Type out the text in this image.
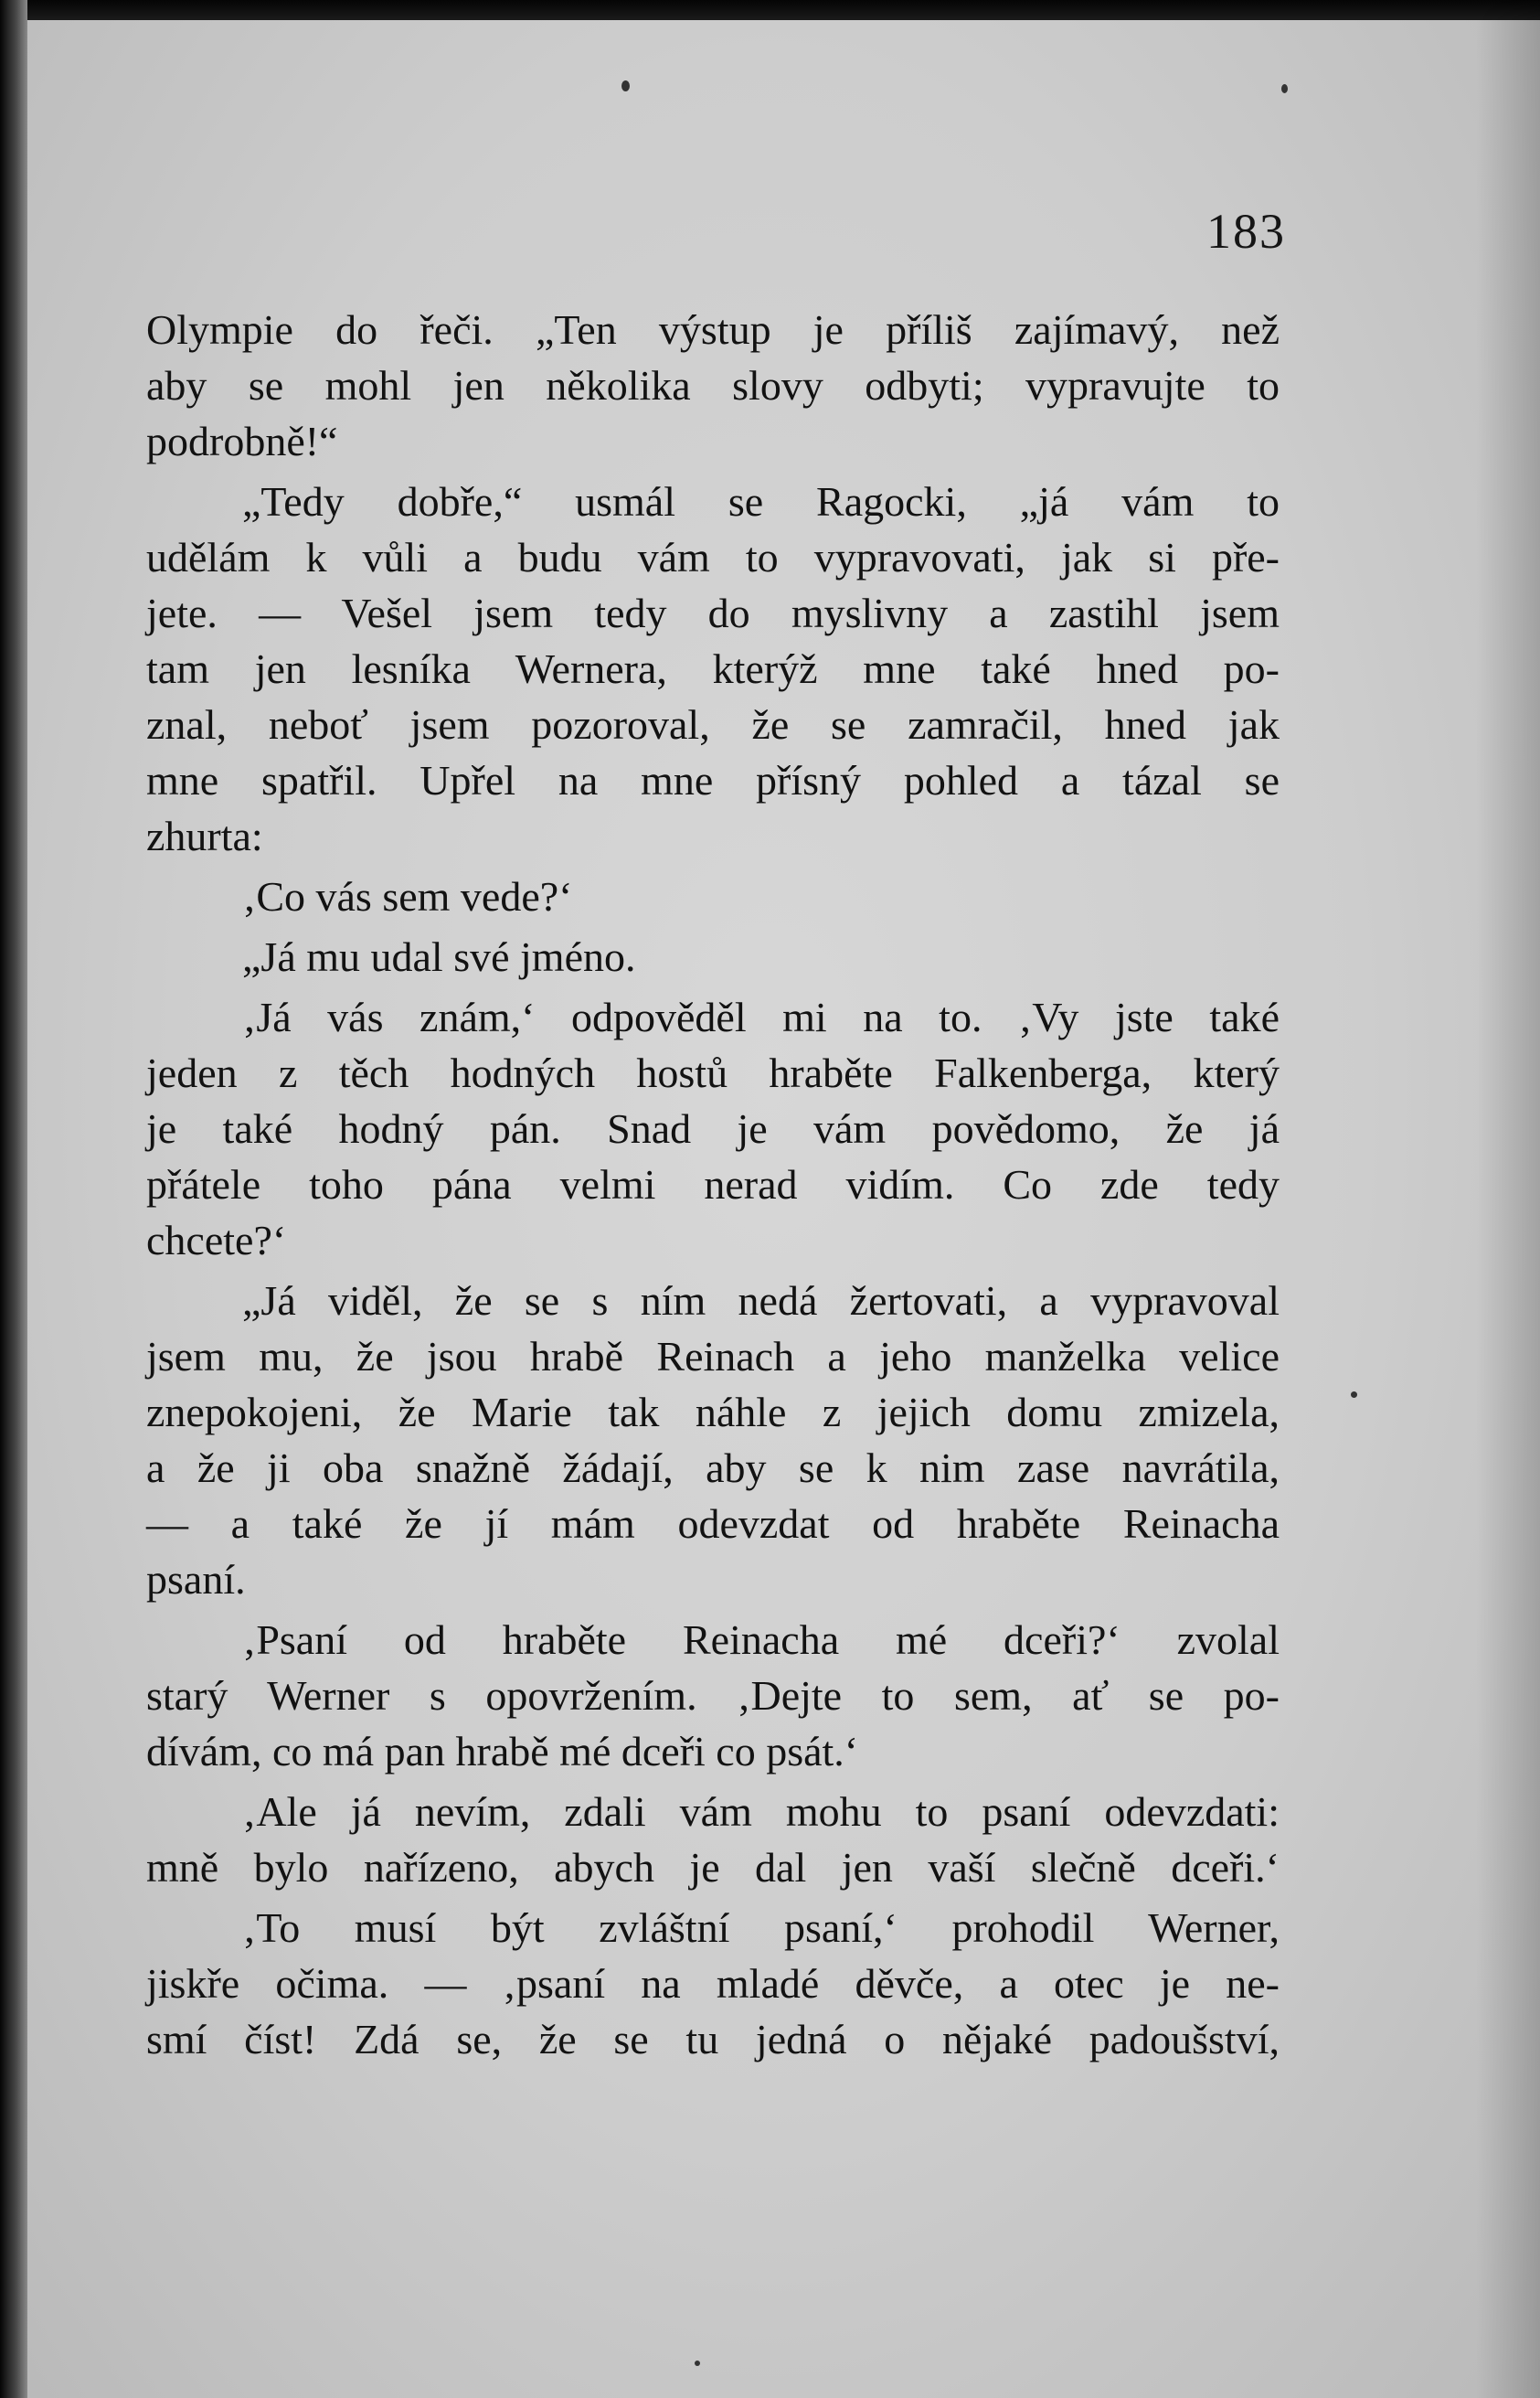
183
Olympie do řeči. „Ten výstup je příliš zajímavý, než
aby se mohl jen několika slovy odbyti; vypravujte to
podrobně!“
„Tedy dobře,“ usmál se Ragocki, „já vám to
udělám k vůli a budu vám to vypravovati, jak si pře-
jete. — Vešel jsem tedy do myslivny a zastihl jsem
tam jen lesníka Wernera, kterýž mne také hned po-
znal, neboť jsem pozoroval, že se zamračil, hned jak
mne spatřil. Upřel na mne přísný pohled a tázal se
zhurta:
‚Co vás sem vede?‘
„Já mu udal své jméno.
‚Já vás znám,‘ odpověděl mi na to. ‚Vy jste také
jeden z těch hodných hostů hraběte Falkenberga, který
je také hodný pán. Snad je vám povědomo, že já
přátele toho pána velmi nerad vidím. Co zde tedy
chcete?‘
„Já viděl, že se s ním nedá žertovati, a vypravoval
jsem mu, že jsou hrabě Reinach a jeho manželka velice
znepokojeni, že Marie tak náhle z jejich domu zmizela,
a že ji oba snažně žádají, aby se k nim zase navrátila,
— a také že jí mám odevzdat od hraběte Reinacha
psaní.
‚Psaní od hraběte Reinacha mé dceři?‘ zvolal
starý Werner s opovržením. ‚Dejte to sem, ať se po-
dívám, co má pan hrabě mé dceři co psát.‘
‚Ale já nevím, zdali vám mohu to psaní odevzdati:
mně bylo nařízeno, abych je dal jen vaší slečně dceři.‘
‚To musí být zvláštní psaní,‘ prohodil Werner,
jiskře očima. — ‚psaní na mladé děvče, a otec je ne-
smí číst! Zdá se, že se tu jedná o nějaké padoušství,
